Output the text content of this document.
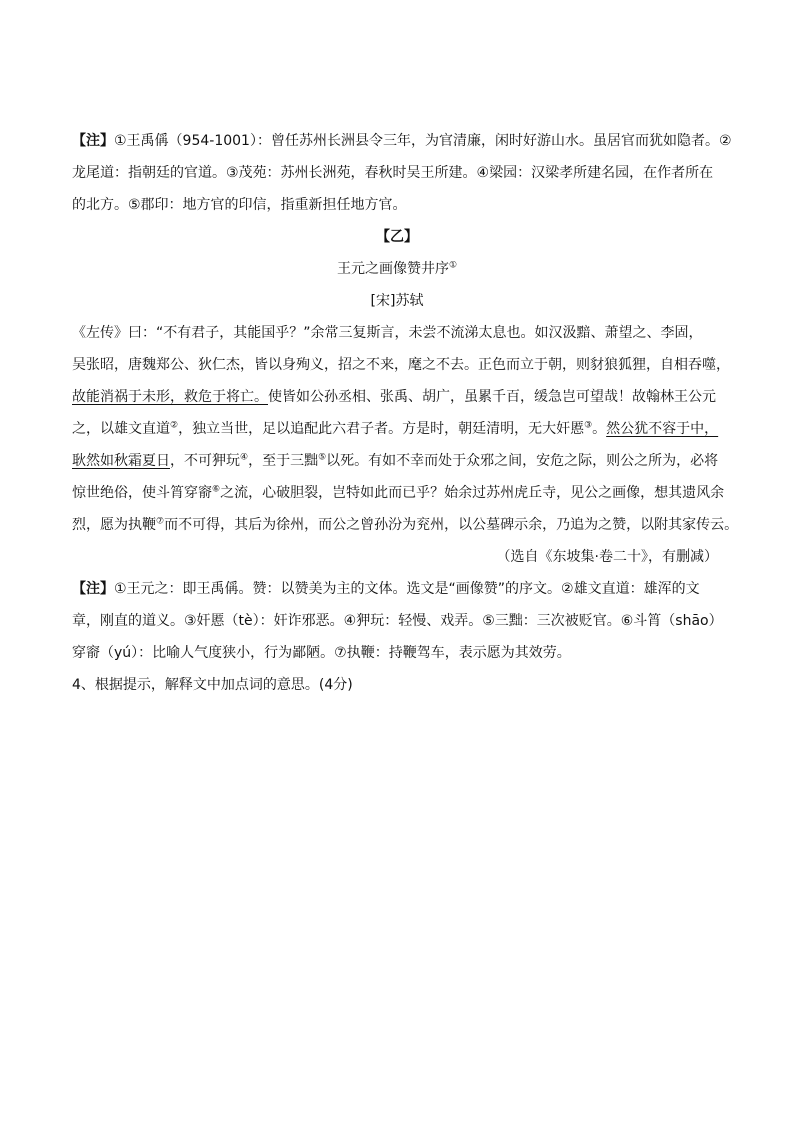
【注】①王禹偁（954-1001）：曾任苏州长洲县令三年，为官清廉，闲时好游山水。虽居官而犹如隐者。②
龙尾道：指朝廷的官道。③茂苑：苏州长洲苑，春秋时吴王所建。④梁园：汉梁孝所建名园，在作者所在
的北方。⑤郡印：地方官的印信，指重新担任地方官。
【乙】
王元之画像赞井序①
[宋]苏轼
《左传》曰：“不有君子，其能国乎？”余常三复斯言，未尝不流涕太息也。如汉汲黯、萧望之、李固，
吴张昭，唐魏郑公、狄仁杰，皆以身殉义，招之不来，麾之不去。正色而立于朝，则豺狼狐狸，自相吞噬，
故能消祸于未形，救危于将亡。使皆如公孙丞相、张禹、胡广，虽累千百，缓急岂可望哉！故翰林王公元
之，以雄文直道②，独立当世，足以追配此六君子者。方是时，朝廷清明，无大奸慝③。然公犹不容于中，
耿然如秋霜夏日，不可狎玩④，至于三黜⑤以死。有如不幸而处于众邪之间，安危之际，则公之所为，必将
惊世绝俗，使斗筲穿窬⑥之流，心破胆裂，岂特如此而已乎？始余过苏州虎丘寺，见公之画像，想其遗风余
烈，愿为执鞭⑦而不可得，其后为徐州，而公之曾孙汾为兖州，以公墓碑示余，乃追为之赞，以附其家传云。
（选自《东坡集·卷二十》，有删减）
【注】①王元之：即王禹偁。赞：以赞美为主的文体。选文是“画像赞”的序文。②雄文直道：雄浑的文
章，刚直的道义。③奸慝（tè）：奸诈邪恶。④狎玩：轻慢、戏弄。⑤三黜：三次被贬官。⑥斗筲（shāo）
穿窬（yú）：比喻人气度狭小，行为鄙陋。⑦执鞭：持鞭驾车，表示愿为其效劳。
4、根据提示，解释文中加点词的意思。(4分)
